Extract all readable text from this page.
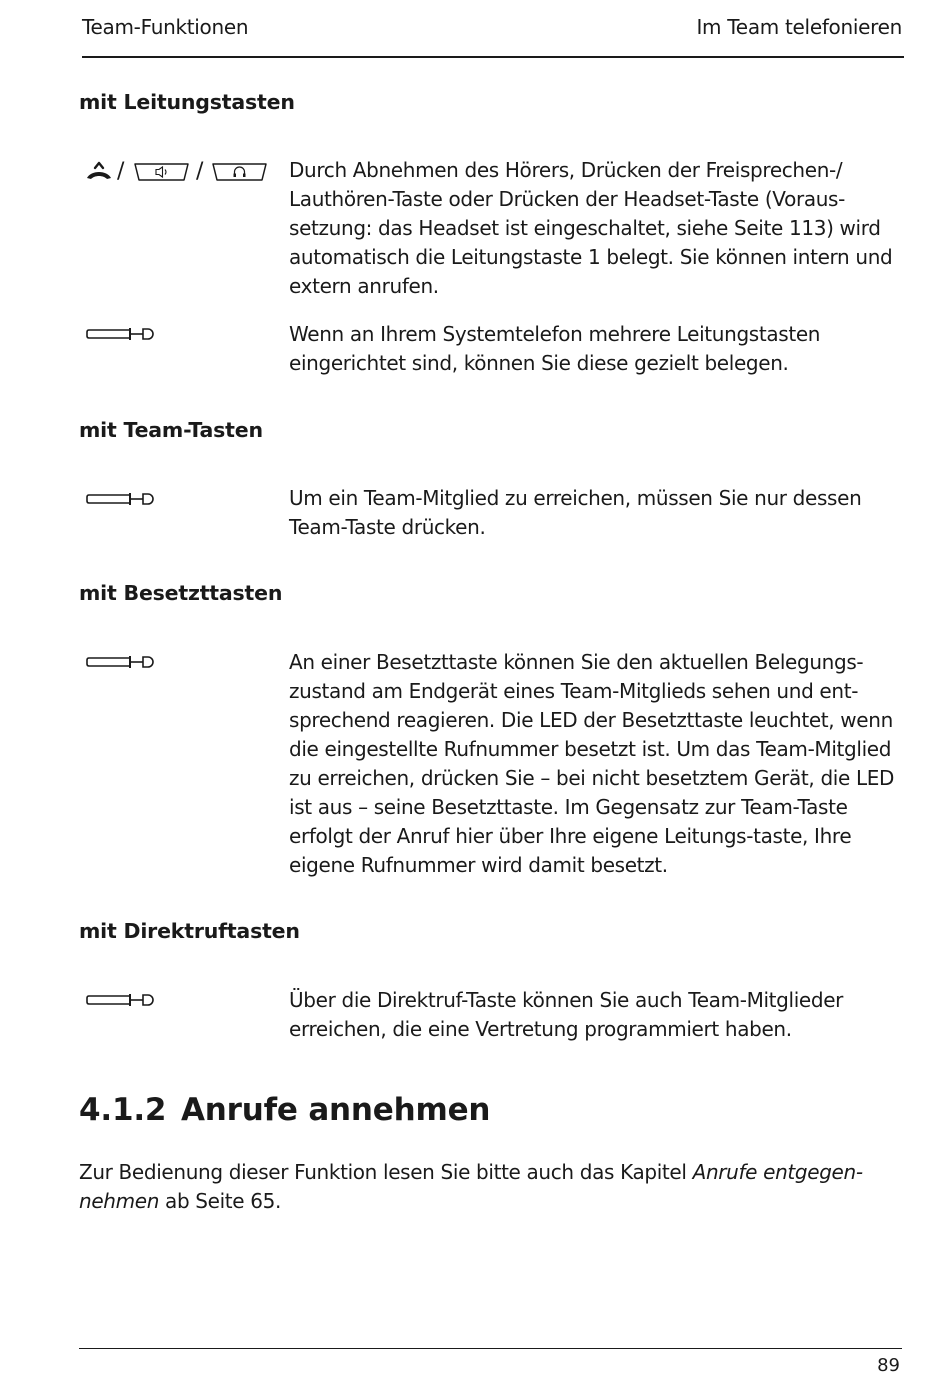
Team-Funktionen	Im Team telefonieren
mit Leitungstasten
/	/	Durch Abnehmen des Hörers, Drücken der Freisprechen-/ Lauthören-Taste oder Drücken der Headset-Taste (Voraus-setzung: das Headset ist eingeschaltet, siehe Seite 113) wird automatisch die Leitungstaste 1 belegt. Sie können intern und extern anrufen.

Wenn an Ihrem Systemtelefon mehrere Leitungstasten eingerichtet sind, können Sie diese gezielt belegen.

mit Team-Tasten

Um ein Team-Mitglied zu erreichen, müssen Sie nur dessen Team-Taste drücken.

mit Besetzttasten

An einer Besetzttaste können Sie den aktuellen Belegungs-zustand am Endgerät eines Team-Mitglieds sehen und ent-sprechend reagieren. Die LED der Besetzttaste leuchtet, wenn die eingestellte Rufnummer besetzt ist. Um das Team-Mitglied zu erreichen, drücken Sie – bei nicht besetztem Gerät, die LED ist aus – seine Besetzttaste. Im Gegensatz zur Team-Taste erfolgt der Anruf hier über Ihre eigene Leitungs-taste, Ihre eigene Rufnummer wird damit besetzt.

mit Direktruftasten

Über die Direktruf-Taste können Sie auch Team-Mitglieder erreichen, die eine Vertretung programmiert haben.

4.1.2 Anrufe annehmen

Zur Bedienung dieser Funktion lesen Sie bitte auch das Kapitel Anrufe entgegen-nehmen ab Seite 65.

89
